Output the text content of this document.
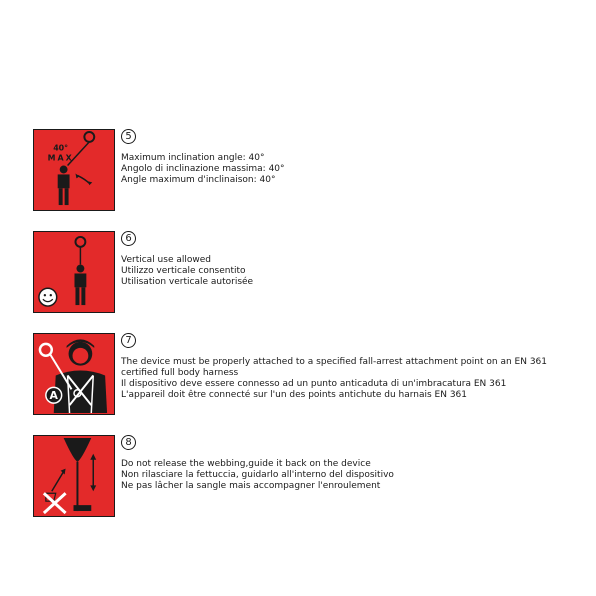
40°
MAX
5
Maximum inclination angle: 40°
Angolo di inclinazione massima: 40°
Angle maximum d'inclinaison: 40°
6
Vertical use allowed
Utilizzo verticale consentito
Utilisation verticale autorisée
A
7
The device must be properly attached to a specified fall-arrest attachment point on an EN 361 certified full body harness
Il dispositivo deve essere connesso ad un punto anticaduta di un'imbracatura EN 361
L'appareil doit être connecté sur l'un des points antichute du harnais EN 361
8
Do not release the webbing,guide it back on the device
Non rilasciare la fettuccia, guidarlo all'interno del dispositivo
Ne pas lâcher la sangle mais accompagner l'enroulement
